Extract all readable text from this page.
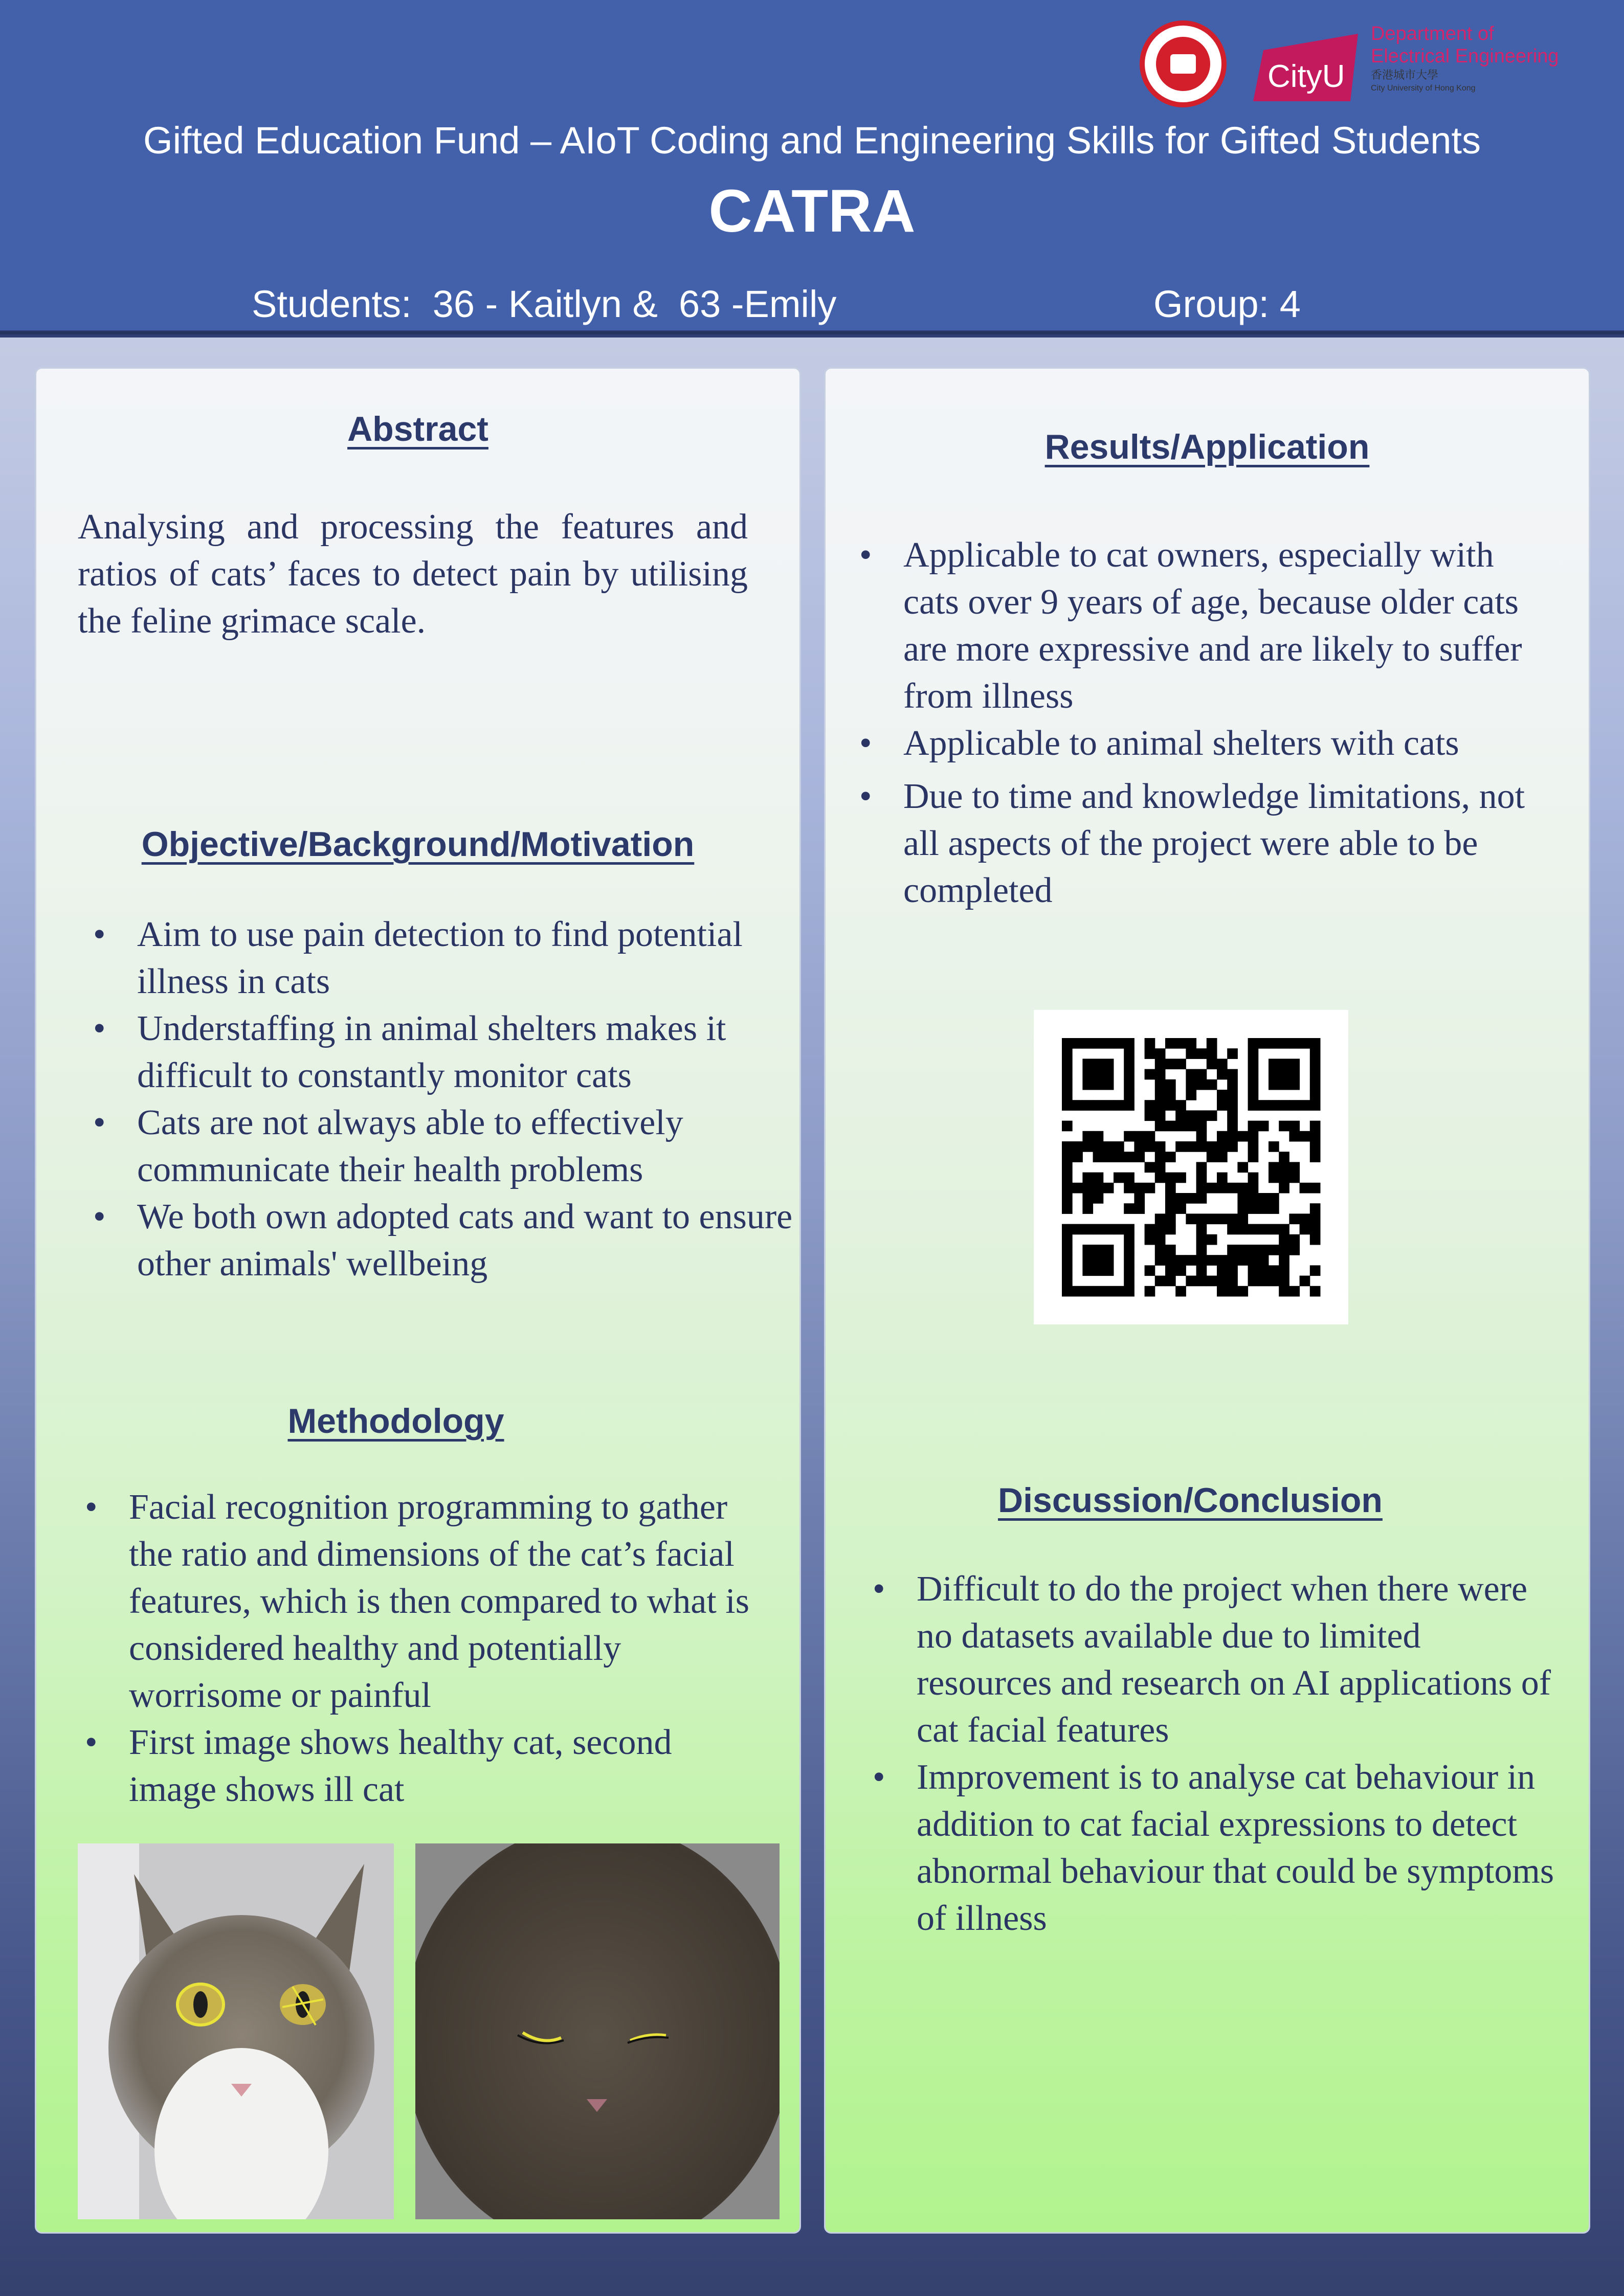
CityU
Department of
Electrical Engineering
香港城市大學
City University of Hong Kong
Gifted Education Fund – AIoT Coding and Engineering Skills for Gifted Students
CATRA
Students:  36 - Kaitlyn &  63 -Emily	Group: 4
Abstract
Analysing and processing the features and ratios of cats’ faces to detect pain by utilising the feline grimace scale.
Objective/Background/Motivation
• Aim to use pain detection to find potential illness in cats
• Understaffing in animal shelters makes it difficult to constantly monitor cats
• Cats are not always able to effectively communicate their health problems
• We both own adopted cats and want to ensure other animals' wellbeing
Methodology
• Facial recognition programming to gather the ratio and dimensions of the cat’s facial features, which is then compared to what is considered healthy and potentially worrisome or painful
• First image shows healthy cat, second image shows ill cat
Results/Application
• Applicable to cat owners, especially with cats over 9 years of age, because older cats are more expressive and are likely to suffer from illness
• Applicable to animal shelters with cats
• Due to time and knowledge limitations, not all aspects of the project were able to be completed
Discussion/Conclusion
• Difficult to do the project when there were no datasets available due to limited resources and research on AI applications of cat facial features
• Improvement is to analyse cat behaviour in addition to cat facial expressions to detect abnormal behaviour that could be symptoms of illness
